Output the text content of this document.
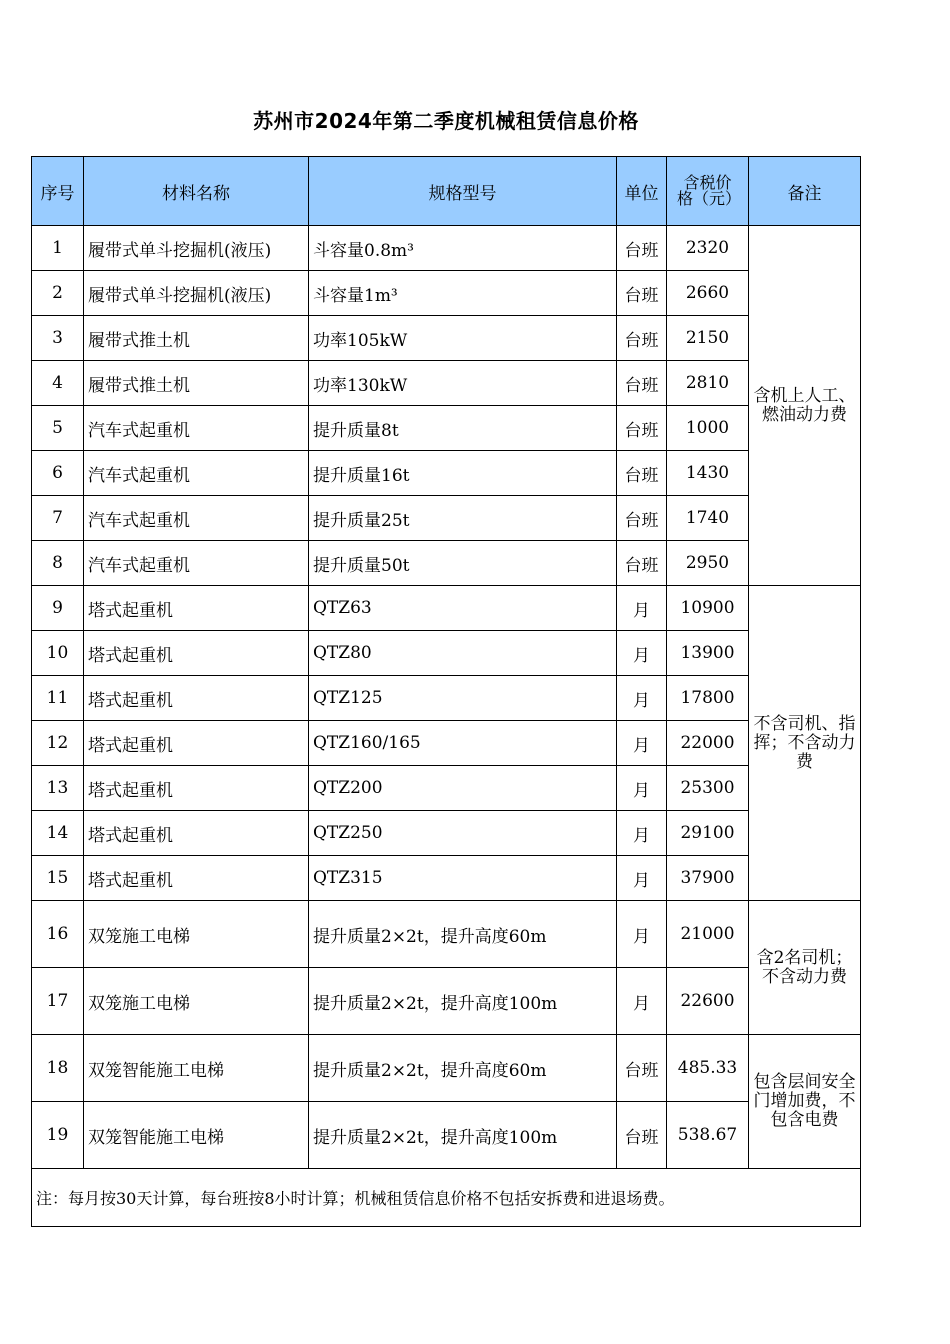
苏州市2024年第二季度机械租赁信息价格
序号	材料名称	规格型号	单位	含税价格（元）	备注
1	履带式单斗挖掘机(液压)	斗容量0.8m³	台班	2320	含机上人工、燃油动力费
2	履带式单斗挖掘机(液压)	斗容量1m³	台班	2660	
3	履带式推土机	功率105kW	台班	2150	
4	履带式推土机	功率130kW	台班	2810	
5	汽车式起重机	提升质量8t	台班	1000	
6	汽车式起重机	提升质量16t	台班	1430	
7	汽车式起重机	提升质量25t	台班	1740	
8	汽车式起重机	提升质量50t	台班	2950	
9	塔式起重机	QTZ63	月	10900	不含司机、指挥；不含动力费
10	塔式起重机	QTZ80	月	13900	
11	塔式起重机	QTZ125	月	17800	
12	塔式起重机	QTZ160/165	月	22000	
13	塔式起重机	QTZ200	月	25300	
14	塔式起重机	QTZ250	月	29100	
15	塔式起重机	QTZ315	月	37900	
16	双笼施工电梯	提升质量2×2t，提升高度60m	月	21000	含2名司机；不含动力费
17	双笼施工电梯	提升质量2×2t，提升高度100m	月	22600	
18	双笼智能施工电梯	提升质量2×2t，提升高度60m	台班	485.33	包含层间安全门增加费，不包含电费
19	双笼智能施工电梯	提升质量2×2t，提升高度100m	台班	538.67	
注：每月按30天计算，每台班按8小时计算；机械租赁信息价格不包括安拆费和进退场费。					
